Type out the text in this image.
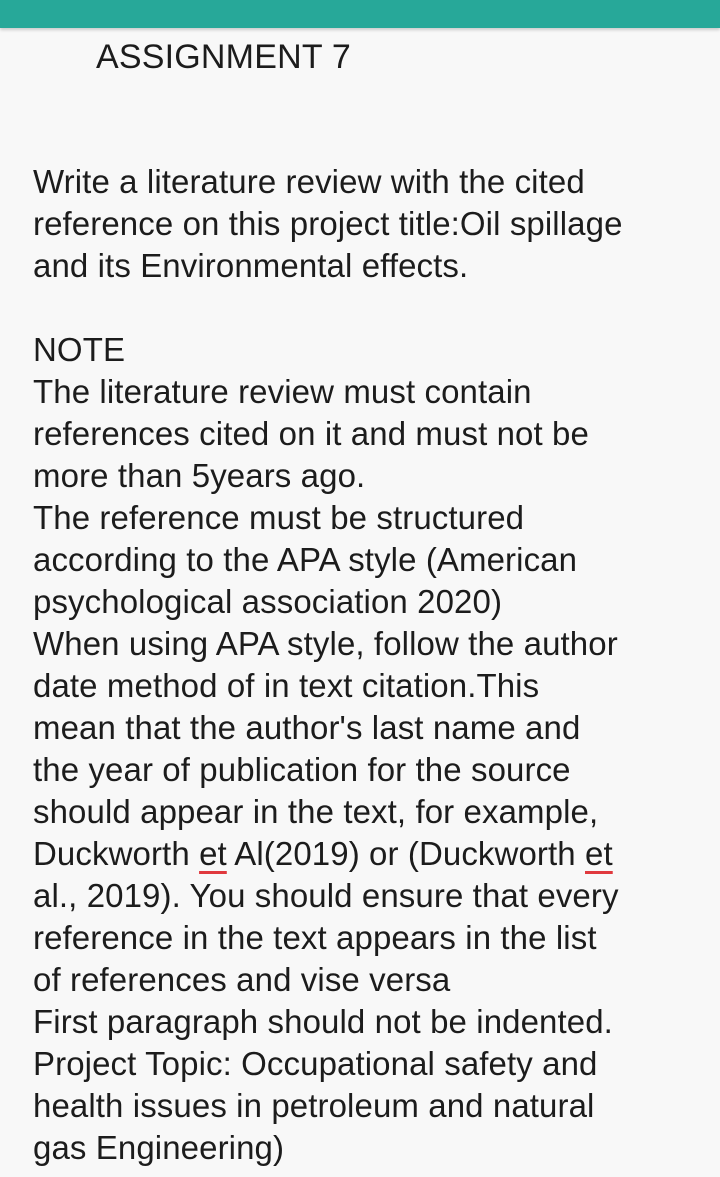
ASSIGNMENT 7
Write a literature review with the cited
reference on this project title:Oil spillage
and its Environmental effects.
NOTE
The literature review must contain
references cited on it and must not be
more than 5years ago.
The reference must be structured
according to the APA style (American
psychological association 2020)
When using APA style, follow the author
date method of in text citation.This
mean that the author's last name and
the year of publication for the source
should appear in the text, for example,
Duckworth et Al(2019) or (Duckworth et
al., 2019). You should ensure that every
reference in the text appears in the list
of references and vise versa
First paragraph should not be indented.
Project Topic: Occupational safety and
health issues in petroleum and natural
gas Engineering)
